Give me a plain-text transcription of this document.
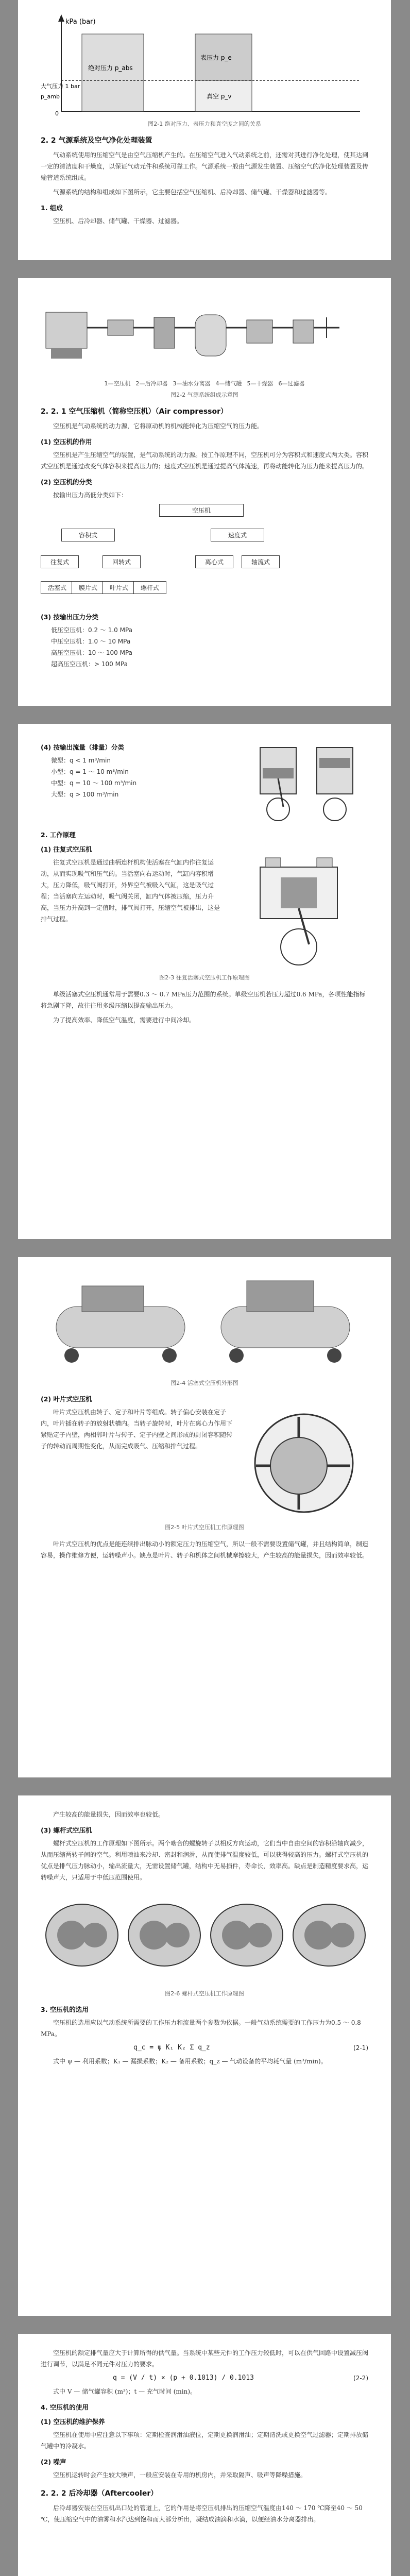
kPa (bar)
绝对压力 p_abs
表压力 p_e
大气压力 1 bar
真空 p_v
p_amb
0
图2-1 绝对压力、表压力和真空度之间的关系
2. 2 气源系统及空气净化处理装置

气动系统使用的压缩空气是由空气压缩机产生的。在压缩空气进入气动系统之前，还需对其进行净化处理，使其达到一定的清洁度和干燥度，以保证气动元件和系统可靠工作。气源系统一般由气源发生装置、压缩空气的净化处理装置及传输管道系统组成。

气源系统的结构和组成如下图所示，它主要包括空气压缩机、后冷却器、储气罐、干燥器和过滤器等。

1. 组成

空压机、后冷却器、储气罐、干燥器、过滤器。

1—空压机 2—后冷却器 3—油水分离器 4—储气罐 5—干燥器 6—过滤器
图2-2 气源系统组成示意图
2. 2. 1 空气压缩机（简称空压机）（Air compressor）

空压机是气动系统的动力源，它将原动机的机械能转化为压缩空气的压力能。

(1) 空压机的作用

空压机是产生压缩空气的装置，是气动系统的动力源。按工作原理不同，空压机可分为容积式和速度式两大类。容积式空压机是通过改变气体容积来提高压力的；速度式空压机是通过提高气体流速，再将动能转化为压力能来提高压力的。

(2) 空压机的分类

按输出压力高低分类如下：

空压机
容积式	速度式
往复式	回转式
活塞式	膜片式	叶片式	螺杆式
离心式	轴流式
(3) 按输出压力分类
低压空压机：0.2 ～ 1.0 MPa
中压空压机：1.0 ～ 10 MPa
高压空压机：10 ～ 100 MPa
超高压空压机：> 100 MPa
(4) 按输出流量（排量）分类
微型：q < 1 m³/min
小型：q = 1 ～ 10 m³/min
中型：q = 10 ～ 100 m³/min
大型：q > 100 m³/min
2. 工作原理
(1) 往复式空压机

往复式空压机是通过曲柄连杆机构使活塞在气缸内作往复运动，从而实现吸气和压气的。当活塞向右运动时，气缸内容积增大，压力降低，吸气阀打开，外界空气被吸入气缸，这是吸气过程；当活塞向左运动时，吸气阀关闭，缸内气体被压缩，压力升高，当压力升高到一定值时，排气阀打开，压缩空气被排出，这是排气过程。

图2-3 往复活塞式空压机工作原理图

单级活塞式空压机通常用于需要0.3 ～ 0.7 MPa压力范围的系统。单级空压机若压力超过0.6 MPa，各项性能指标将急剧下降，故往往用多级压缩以提高输出压力。

为了提高效率、降低空气温度，需要进行中间冷却。

图2-4 活塞式空压机外形图
(2) 叶片式空压机

叶片式空压机由转子、定子和叶片等组成。转子偏心安装在定子内，叶片插在转子的放射状槽内。当转子旋转时，叶片在离心力作用下紧贴定子内壁，两相邻叶片与转子、定子内壁之间形成的封闭容积随转子的转动而周期性变化，从而完成吸气、压缩和排气过程。

图2-5 叶片式空压机工作原理图

叶片式空压机的优点是能连续排出脉动小的额定压力的压缩空气，所以一般不需要设置储气罐，并且结构简单，制造容易，操作维修方便，运转噪声小。缺点是叶片、转子和机体之间机械摩擦较大，产生较高的能量损失，因而效率较低。

产生较高的能量损失，因而效率也较低。

(3) 螺杆式空压机

螺杆式空压机的工作原理如下图所示。两个啮合的螺旋转子以相反方向运动，它们当中自由空间的容积沿轴向减少，从而压缩两转子间的空气。利用喷油来冷却、密封和润滑，从而使排气温度较低，可以获得较高的压力。螺杆式空压机的优点是排气压力脉动小，输出流量大，无需设置储气罐，结构中无易损件，寿命长，效率高。缺点是制造精度要求高，运转噪声大，只适用于中低压范围使用。

图2-6 螺杆式空压机工作原理图
3. 空压机的选用

空压机的选用应以气动系统所需要的工作压力和流量两个参数为依据。一般气动系统需要的工作压力为0.5 ～ 0.8 MPa。

q_c = ψ K₁ K₂ Σ q_z	(2-1)

式中 ψ — 利用系数；K₁ — 漏损系数；K₂ — 备用系数；q_z — 气动设备的平均耗气量 (m³/min)。

空压机的额定排气量应大于计算所得的供气量。当系统中某些元件的工作压力较低时，可以在供气回路中设置减压阀进行调节，以满足不同元件对压力的要求。

q = (V / t) × (p + 0.1013) / 0.1013	(2-2)

式中 V — 储气罐容积 (m³)；t — 充气时间 (min)。

4. 空压机的使用
(1) 空压机的维护保养

空压机在使用中应注意以下事项：定期检查润滑油液位，定期更换润滑油；定期清洗或更换空气过滤器；定期排放储气罐中的冷凝水。

(2) 噪声

空压机运转时会产生较大噪声，一般应安装在专用的机房内，并采取隔声、吸声等降噪措施。

2. 2. 2 后冷却器（Aftercooler）

后冷却器安装在空压机出口处的管道上，它的作用是将空压机排出的压缩空气温度由140 ～ 170 ℃降至40 ～ 50 ℃，使压缩空气中的油雾和水汽达到饱和而大部分析出，凝结成油滴和水滴，以便经油水分离器排出。
